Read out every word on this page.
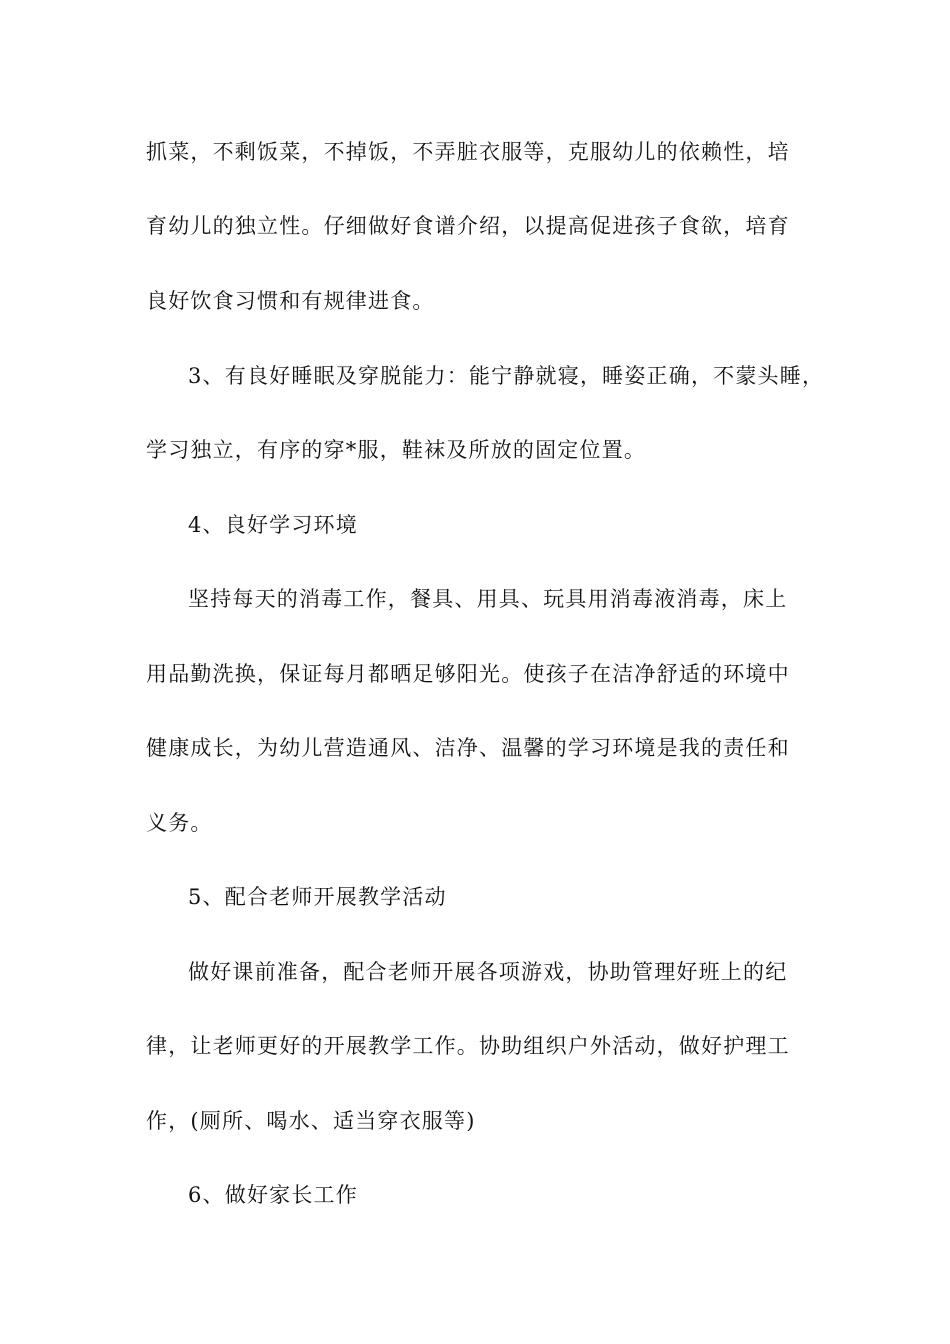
抓菜，不剩饭菜，不掉饭，不弄脏衣服等，克服幼儿的依赖性，培
育幼儿的独立性。仔细做好食谱介绍，以提高促进孩子食欲，培育
良好饮食习惯和有规律进食。
3、有良好睡眠及穿脱能力：能宁静就寝，睡姿正确，不蒙头睡，
学习独立，有序的穿*服，鞋袜及所放的固定位置。
4、良好学习环境
坚持每天的消毒工作，餐具、用具、玩具用消毒液消毒，床上
用品勤洗换，保证每月都晒足够阳光。使孩子在洁净舒适的环境中
健康成长，为幼儿营造通风、洁净、温馨的学习环境是我的责任和
义务。
5、配合老师开展教学活动
做好课前准备，配合老师开展各项游戏，协助管理好班上的纪
律，让老师更好的开展教学工作。协助组织户外活动，做好护理工
作，(厕所、喝水、适当穿衣服等)
6、做好家长工作
